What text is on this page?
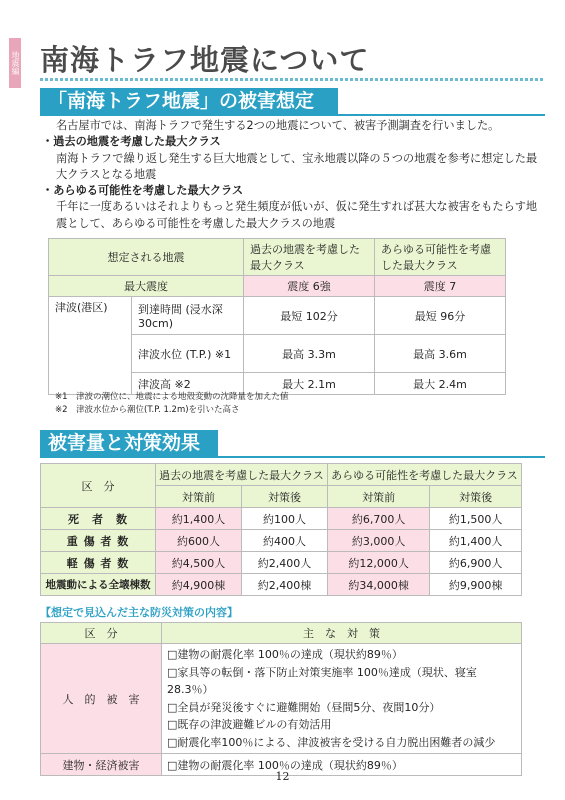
地震編 南海トラフ地震について
「南海トラフ地震」の被害想定

名古屋市では、南海トラフで発生する2つの地震について、被害予測調査を行いました。

・過去の地震を考慮した最大クラス

南海トラフで繰り返し発生する巨大地震として、宝永地震以降の５つの地震を参考に想定した最大クラスとなる地震

・あらゆる可能性を考慮した最大クラス

千年に一度あるいはそれよりもっと発生頻度が低いが、仮に発生すれば甚大な被害をもたらす地震として、あらゆる可能性を考慮した最大クラスの地震

想定される地震		過去の地震を考慮した最大クラス	あらゆる可能性を考慮した最大クラス
最大震度		震度 6強	震度 7
津波(港区)	到達時間 (浸水深30cm)	最短 102分	最短 96分
	津波水位 (T.P.) ※1	最高 3.3m	最高 3.6m
	津波高 ※2	最大 2.1m	最大 2.4m
※1　津波の潮位に、地震による地殻変動の沈降量を加えた値
※2　津波水位から潮位(T.P. 1.2m)を引いた高さ
被害量と対策効果
区　分	過去の地震を考慮した最大クラス		あらゆる可能性を考慮した最大クラス	
	対策前	対策後	対策前	対策後
死　者　数	約1,400人	約100人	約6,700人	約1,500人
重 傷 者 数	約600人	約400人	約3,000人	約1,400人
軽 傷 者 数	約4,500人	約2,400人	約12,000人	約6,900人
地震動による全壊棟数	約4,900棟	約2,400棟	約34,000棟	約9,900棟
【想定で見込んだ主な防災対策の内容】
区　分	主　な　対　策
人　的　被　害	□建物の耐震化率 100％の達成（現状約89％）
□家具等の転倒・落下防止対策実施率 100％達成（現状、寝室28.3％）
□全員が発災後すぐに避難開始（昼間5分、夜間10分）
□既存の津波避難ビルの有効活用
□耐震化率100％による、津波被害を受ける自力脱出困難者の減少

建物・経済被害	□建物の耐震化率 100％の達成（現状約89％）
12
